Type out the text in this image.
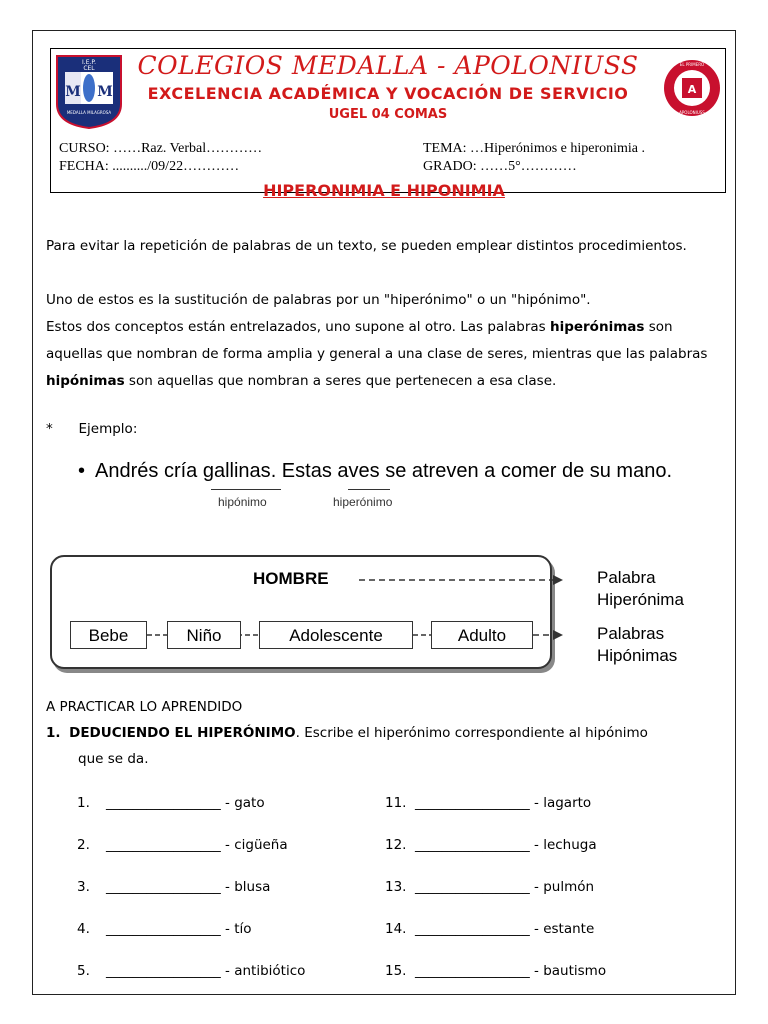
M M
I.E.P.
CEL
MEDALLA MILAGROSA
A
EL PRIMERO
APOLONIUSS
COLEGIOS MEDALLA - APOLONIUSS
EXCELENCIA ACADÉMICA Y VOCACIÓN DE SERVICIO
UGEL 04 COMAS
CURSO: ……Raz. Verbal…………	TEMA: …Hiperónimos e hiperonimia .
FECHA: ........../09/22…………	GRADO: ……5°…………
HIPERONIMIA E HIPONIMIA
Para evitar la repetición de palabras de un texto, se pueden emplear distintos procedimientos.
Uno de estos es la sustitución de palabras por un "hiperónimo" o un "hipónimo".
Estos dos conceptos están entrelazados, uno supone al otro. Las palabras hiperónimas son aquellas que nombran de forma amplia y general a una clase de seres, mientras que las palabras hipónimas son aquellas que nombran a seres que pertenecen a esa clase.
*      Ejemplo:
• Andrés cría gallinas. Estas aves se atreven a comer de su mano.
hipónimo	hiperónimo
HOMBRE
Bebe	Niño	Adolescente	Adulto
Palabra
Hiperónima
Palabras
Hipónimas
A PRACTICAR LO APRENDIDO
1. DEDUCIENDO EL HIPERÓNIMO. Escribe el hiperónimo correspondiente al hipónimo
que se da.
1. _________________ - gato
2. _________________ - cigüeña
3. _________________ - blusa
4. _________________ - tío
5. _________________ - antibiótico
11. _________________ - lagarto
12. _________________ - lechuga
13. _________________ - pulmón
14. _________________ - estante
15. _________________ - bautismo
